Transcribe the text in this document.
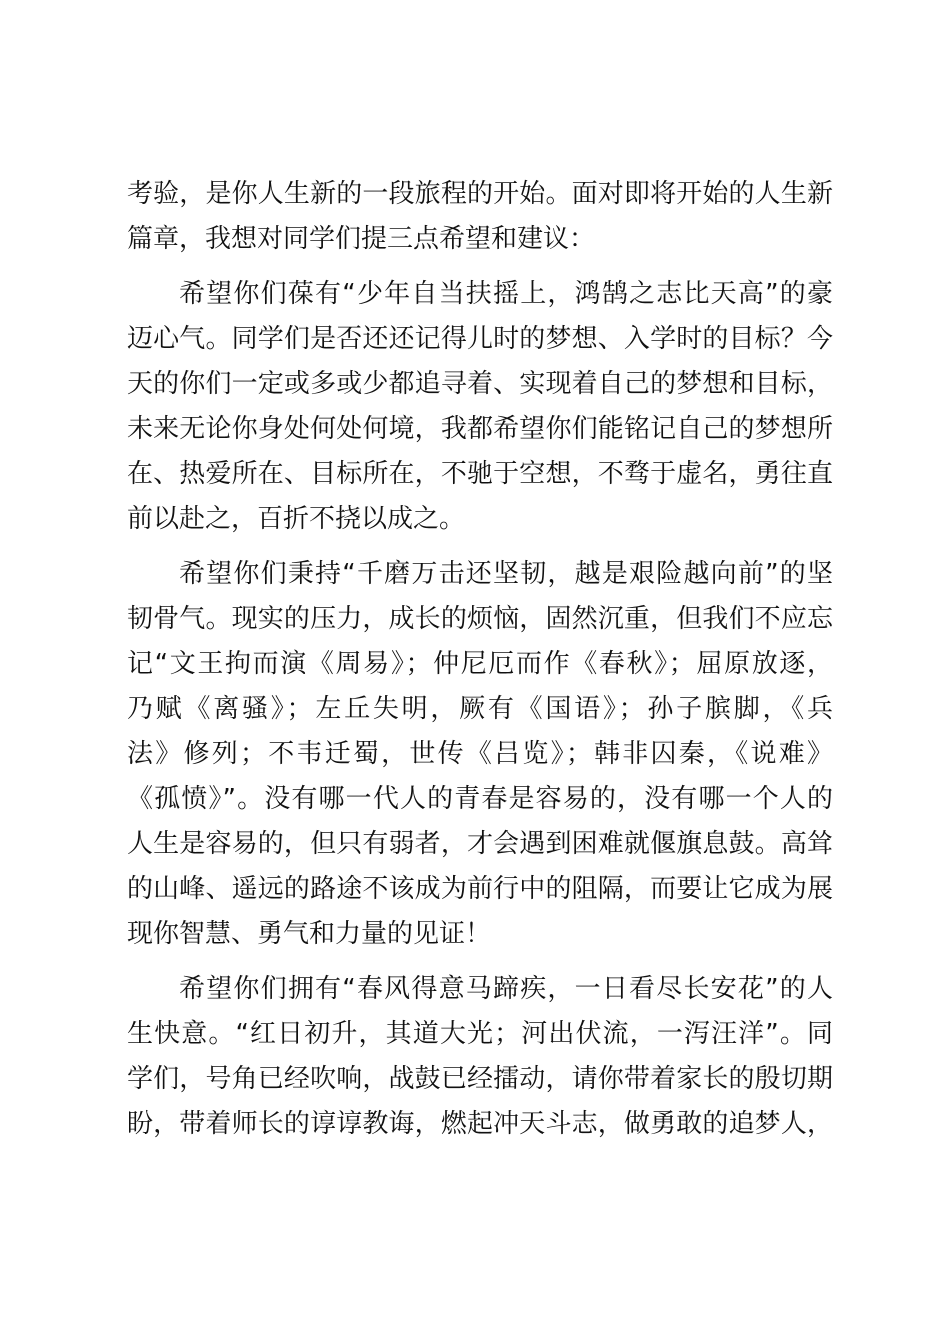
考验，是你人生新的一段旅程的开始。面对即将开始的人生新
篇章，我想对同学们提三点希望和建议：
希望你们葆有“少年自当扶摇上，鸿鹄之志比天高”的豪
迈心气。同学们是否还还记得儿时的梦想、入学时的目标？今
天的你们一定或多或少都追寻着、实现着自己的梦想和目标，
未来无论你身处何处何境，我都希望你们能铭记自己的梦想所
在、热爱所在、目标所在，不驰于空想，不骛于虚名，勇往直
前以赴之，百折不挠以成之。
希望你们秉持“千磨万击还坚韧，越是艰险越向前”的坚
韧骨气。现实的压力，成长的烦恼，固然沉重，但我们不应忘
记“文王拘而演《周易》；仲尼厄而作《春秋》；屈原放逐，
乃赋《离骚》；左丘失明，厥有《国语》；孙子膑脚，《兵
法》修列；不韦迁蜀，世传《吕览》；韩非囚秦，《说难》
《孤愤》”。没有哪一代人的青春是容易的，没有哪一个人的
人生是容易的，但只有弱者，才会遇到困难就偃旗息鼓。高耸
的山峰、遥远的路途不该成为前行中的阻隔，而要让它成为展
现你智慧、勇气和力量的见证！
希望你们拥有“春风得意马蹄疾，一日看尽长安花”的人
生快意。“红日初升，其道大光；河出伏流，一泻汪洋”。同
学们，号角已经吹响，战鼓已经擂动，请你带着家长的殷切期
盼，带着师长的谆谆教诲，燃起冲天斗志，做勇敢的追梦人，
